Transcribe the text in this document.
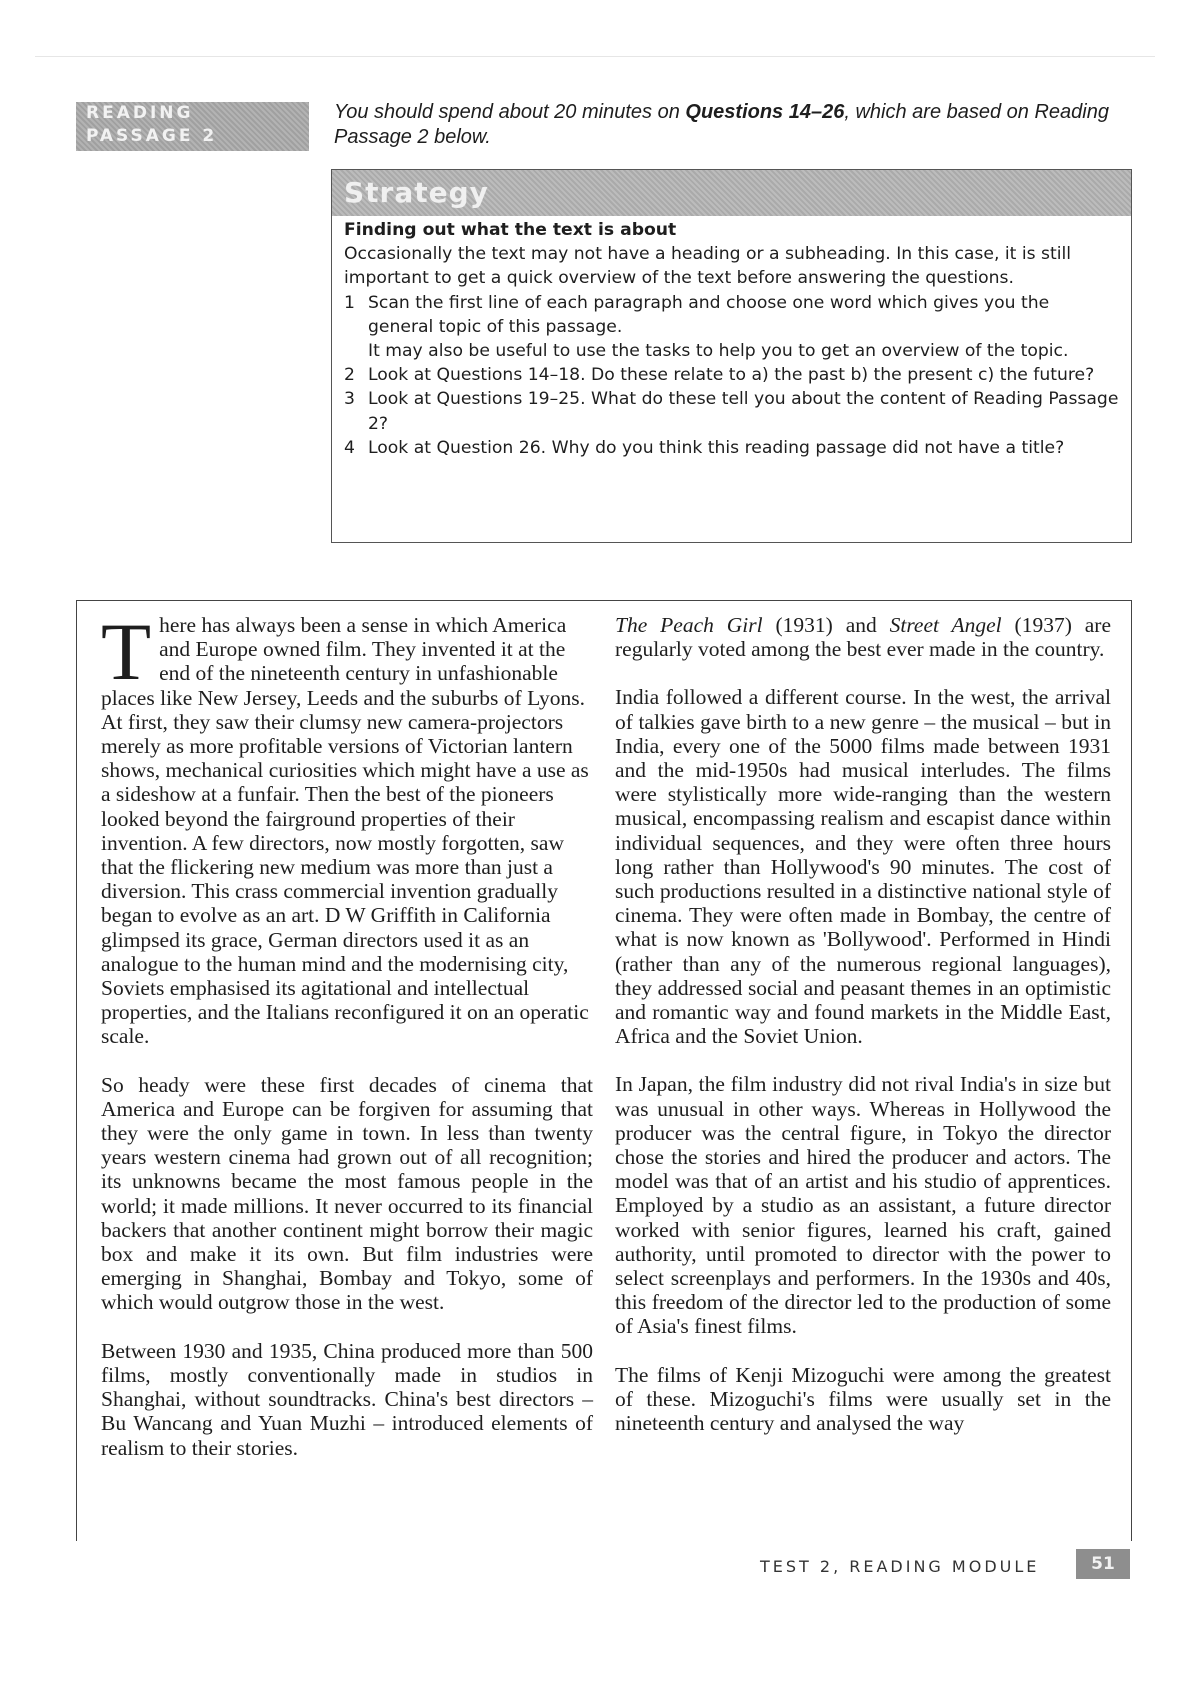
READING
PASSAGE 2
You should spend about 20 minutes on Questions 14–26, which are based on Reading Passage 2 below.
Strategy
Finding out what the text is about
Occasionally the text may not have a heading or a subheading. In this case, it is still important to get a quick overview of the text before answering the questions.
1 Scan the first line of each paragraph and choose one word which gives you the general topic of this passage.
It may also be useful to use the tasks to help you to get an overview of the topic.
2 Look at Questions 14–18. Do these relate to a) the past b) the present c) the future?
3 Look at Questions 19–25. What do these tell you about the content of Reading Passage 2?
4 Look at Question 26. Why do you think this reading passage did not have a title?

There has always been a sense in which America and Europe owned film. They invented it at the end of the nineteenth century in unfashionable places like New Jersey, Leeds and the suburbs of Lyons. At first, they saw their clumsy new camera-projectors merely as more profitable versions of Victorian lantern shows, mechanical curiosities which might have a use as a sideshow at a funfair. Then the best of the pioneers looked beyond the fairground properties of their invention. A few directors, now mostly forgotten, saw that the flickering new medium was more than just a diversion. This crass commercial invention gradually began to evolve as an art. D W Griffith in California glimpsed its grace, German directors used it as an analogue to the human mind and the modernising city, Soviets emphasised its agitational and intellectual properties, and the Italians reconfigured it on an operatic scale.

So heady were these first decades of cinema that America and Europe can be forgiven for assuming that they were the only game in town. In less than twenty years western cinema had grown out of all recognition; its unknowns became the most famous people in the world; it made millions. It never occurred to its financial backers that another continent might borrow their magic box and make it its own. But film industries were emerging in Shanghai, Bombay and Tokyo, some of which would outgrow those in the west.

Between 1930 and 1935, China produced more than 500 films, mostly conventionally made in studios in Shanghai, without soundtracks. China's best directors – Bu Wancang and Yuan Muzhi – introduced elements of realism to their stories.

The Peach Girl (1931) and Street Angel (1937) are regularly voted among the best ever made in the country.

India followed a different course. In the west, the arrival of talkies gave birth to a new genre – the musical – but in India, every one of the 5000 films made between 1931 and the mid-1950s had musical interludes. The films were stylistically more wide-ranging than the western musical, encompassing realism and escapist dance within individual sequences, and they were often three hours long rather than Hollywood's 90 minutes. The cost of such productions resulted in a distinctive national style of cinema. They were often made in Bombay, the centre of what is now known as 'Bollywood'. Performed in Hindi (rather than any of the numerous regional languages), they addressed social and peasant themes in an optimistic and romantic way and found markets in the Middle East, Africa and the Soviet Union.

In Japan, the film industry did not rival India's in size but was unusual in other ways. Whereas in Hollywood the producer was the central figure, in Tokyo the director chose the stories and hired the producer and actors. The model was that of an artist and his studio of apprentices. Employed by a studio as an assistant, a future director worked with senior figures, learned his craft, gained authority, until promoted to director with the power to select screenplays and performers. In the 1930s and 40s, this freedom of the director led to the production of some of Asia's finest films.

The films of Kenji Mizoguchi were among the greatest of these. Mizoguchi's films were usually set in the nineteenth century and analysed the way

TEST 2, READING MODULE	51
